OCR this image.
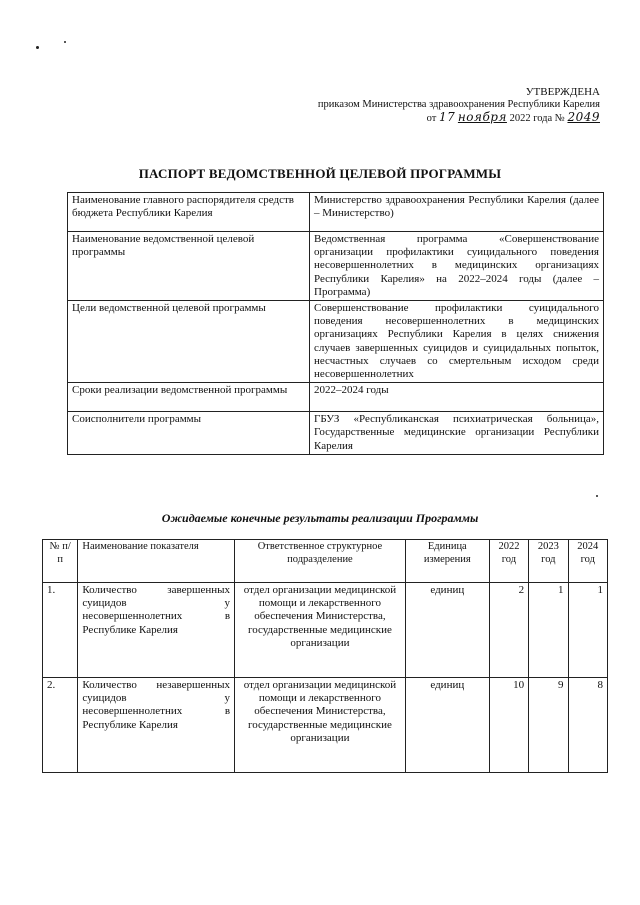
УТВЕРЖДЕНА
приказом Министерства здравоохранения Республики Карелия
от 17 ноября 2022 года № 2049
ПАСПОРТ ВЕДОМСТВЕННОЙ ЦЕЛЕВОЙ ПРОГРАММЫ
Наименование главного распорядителя средств бюджета Республики Карелия	Министерство здравоохранения Республики Карелия (далее – Министерство)
Наименование ведомственной целевой программы	Ведомственная программа «Совершенствование организации профилактики суицидального поведения несовершеннолетних в медицинских организациях Республики Карелия» на 2022–2024 годы (далее – Программа)
Цели ведомственной целевой программы	Совершенствование профилактики суицидального поведения несовершеннолетних в медицинских организациях Республики Карелия в целях снижения случаев завершенных суицидов и суицидальных попыток, несчастных случаев со смертельным исходом среди несовершеннолетних
Сроки реализации ведомственной программы	2022–2024 годы
Соисполнители программы	ГБУЗ «Республиканская психиатрическая больница», Государственные медицинские организации Республики Карелия
Ожидаемые конечные результаты реализации Программы
№ п/п	Наименование показателя	Ответственное структурное подразделение	Единица измерения	2022 год	2023 год	2024 год
1.	Количество завершенных суицидов у несовершеннолетних в Республике Карелия	отдел организации медицинской помощи и лекарственного обеспечения Министерства, государственные медицинские организации	единиц	2	1	1
2.	Количество незавершенных суицидов у несовершеннолетних в Республике Карелия	отдел организации медицинской помощи и лекарственного обеспечения Министерства, государственные медицинские организации	единиц	10	9	8
